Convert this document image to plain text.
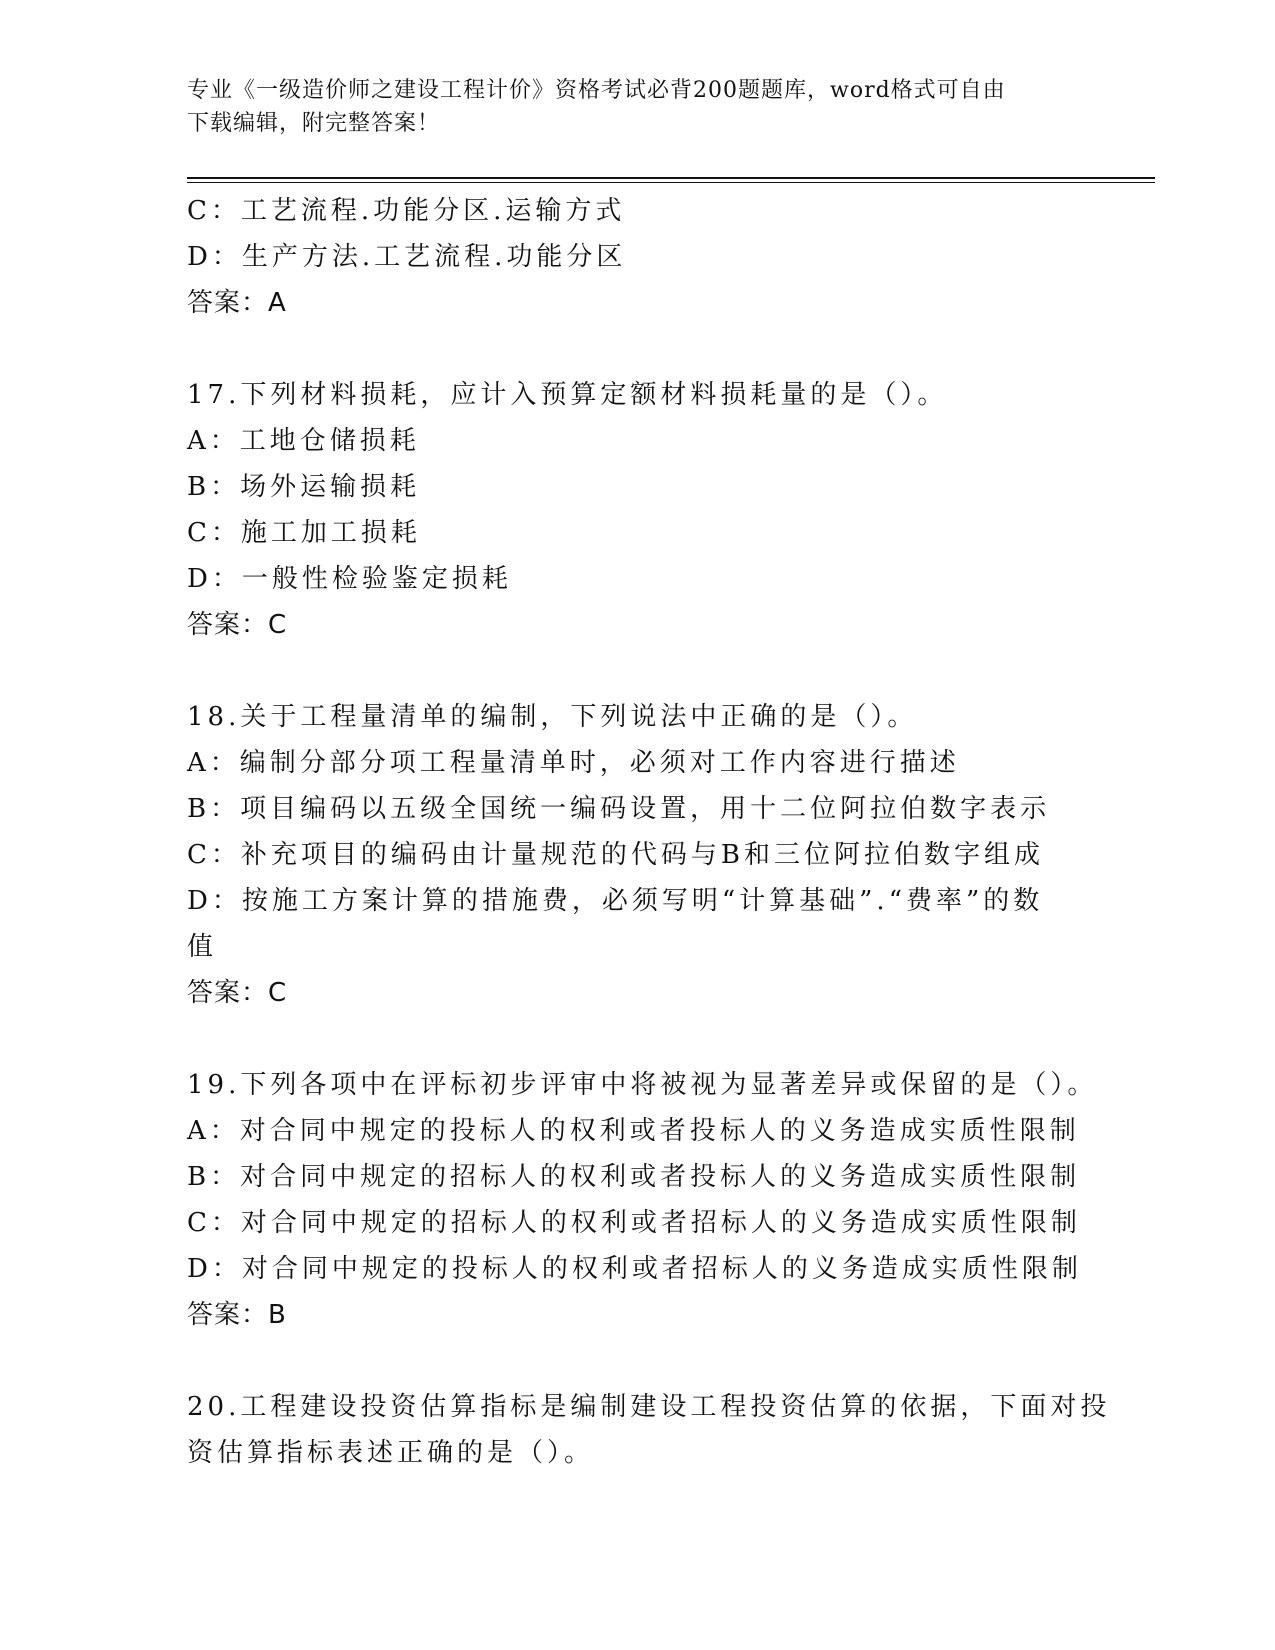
专业《一级造价师之建设工程计价》资格考试必背200题题库，word格式可自由
下载编辑，附完整答案！
C：工艺流程.功能分区.运输方式
D：生产方法.工艺流程.功能分区
答案：A
17.下列材料损耗，应计入预算定额材料损耗量的是（）。
A：工地仓储损耗
B：场外运输损耗
C：施工加工损耗
D：一般性检验鉴定损耗
答案：C
18.关于工程量清单的编制，下列说法中正确的是（）。
A：编制分部分项工程量清单时，必须对工作内容进行描述
B：项目编码以五级全国统一编码设置，用十二位阿拉伯数字表示
C：补充项目的编码由计量规范的代码与B和三位阿拉伯数字组成
D：按施工方案计算的措施费，必须写明“计算基础”.“费率”的数
值
答案：C
19.下列各项中在评标初步评审中将被视为显著差异或保留的是（）。
A：对合同中规定的投标人的权利或者投标人的义务造成实质性限制
B：对合同中规定的招标人的权利或者投标人的义务造成实质性限制
C：对合同中规定的招标人的权利或者招标人的义务造成实质性限制
D：对合同中规定的投标人的权利或者招标人的义务造成实质性限制
答案：B
20.工程建设投资估算指标是编制建设工程投资估算的依据，下面对投
资估算指标表述正确的是（）。
